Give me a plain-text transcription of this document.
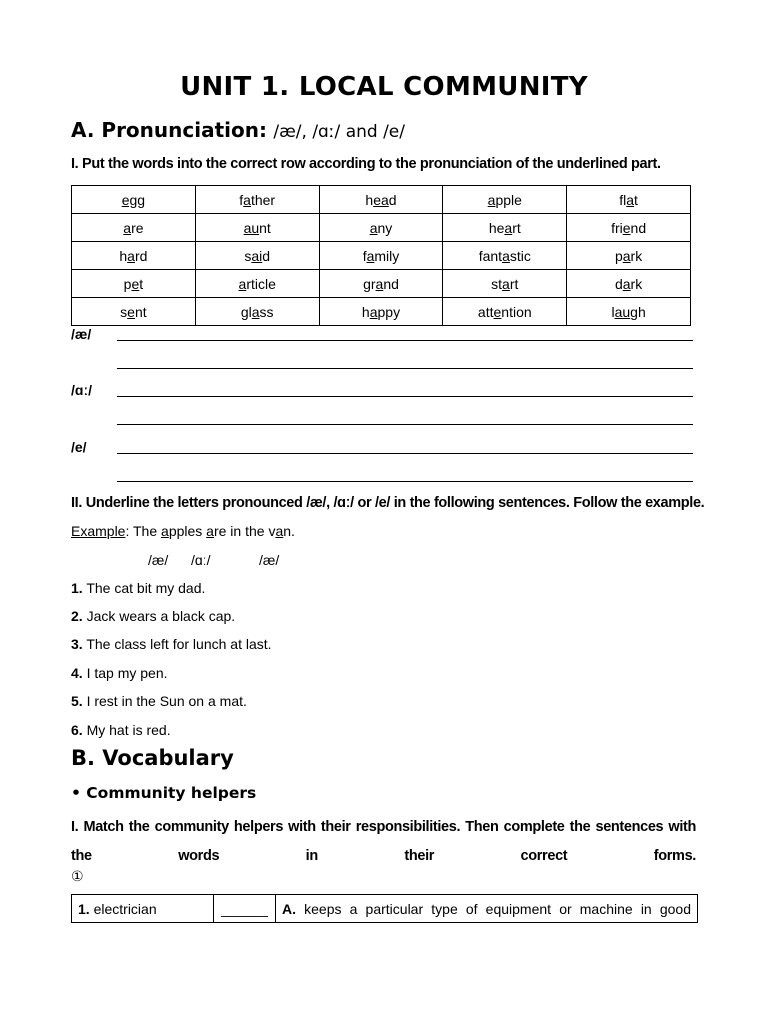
UNIT 1. LOCAL COMMUNITY
A. Pronunciation: /æ/, /ɑː/ and /e/
I. Put the words into the correct row according to the pronunciation of the underlined part.
egg	father	head	apple	flat
are	aunt	any	heart	friend
hard	said	family	fantastic	park
pet	article	grand	start	dark
sent	glass	happy	attention	laugh
/æ/
/ɑː/
/e/
II. Underline the letters pronounced /æ/, /ɑː/ or /e/ in the following sentences. Follow the example.
Example: The apples are in the van.
/æ/ /ɑː/	/æ/
1. The cat bit my dad.
2. Jack wears a black cap.
3. The class left for lunch at last.
4. I tap my pen.
5. I rest in the Sun on a mat.
6. My hat is red.
B. Vocabulary
• Community helpers
I. Match the community helpers with their responsibilities. Then complete the sentences with the words in their correct forms.
①
1. electrician	______	A. keeps a particular type of equipment or machine in good
